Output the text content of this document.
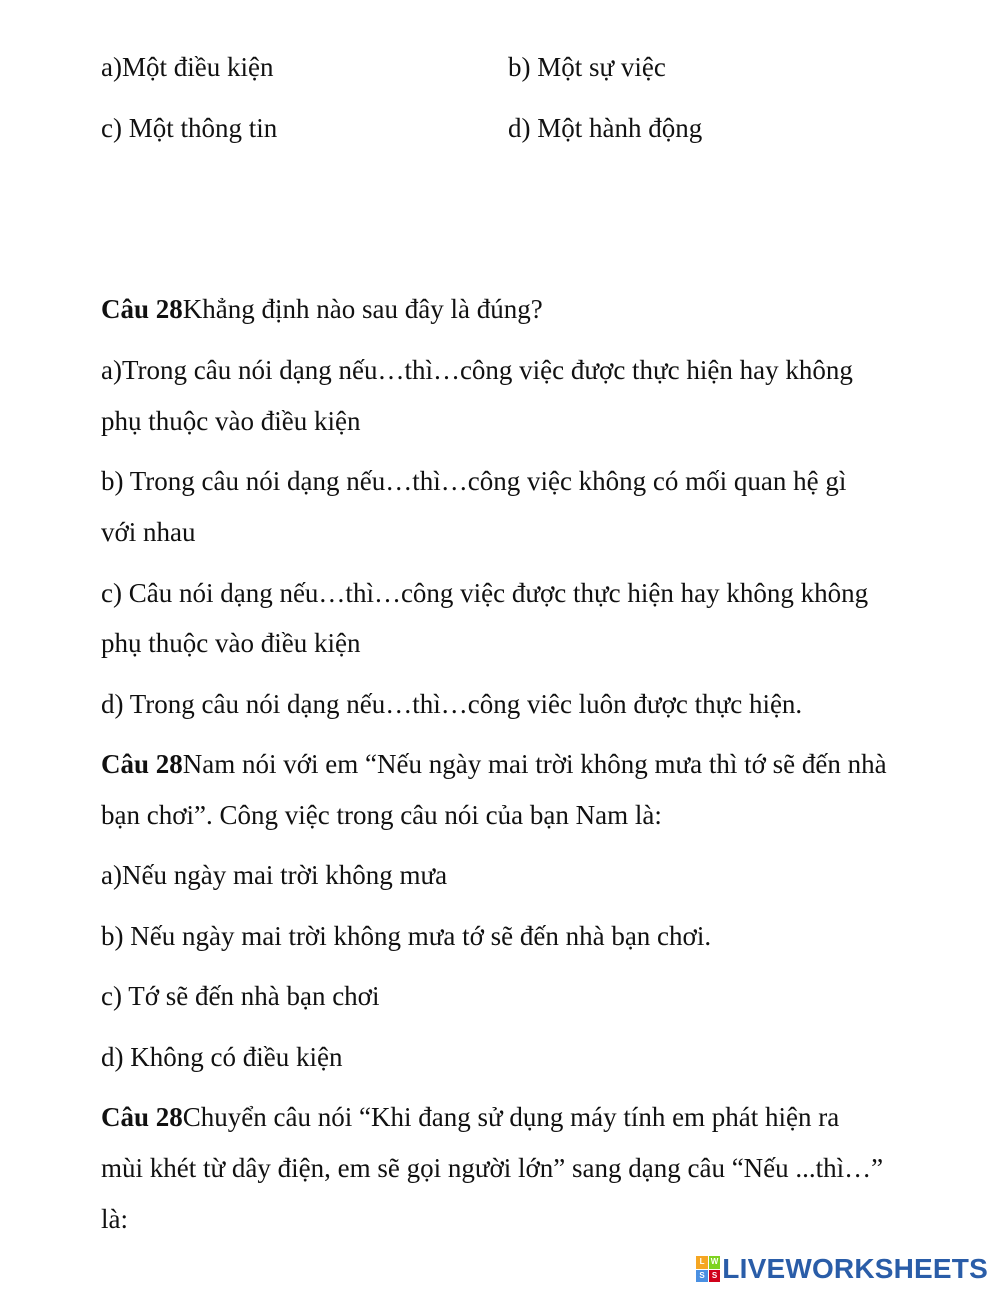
a)Một điều kiện	b) Một sự việc
c) Một thông tin	d) Một hành động
Câu 28Khẳng định nào sau đây là đúng?
a)Trong câu nói dạng nếu…thì…công việc được thực hiện hay không
phụ thuộc vào điều kiện
b) Trong câu nói dạng nếu…thì…công việc không có mối quan hệ gì
với nhau
c) Câu nói dạng nếu…thì…công việc được thực hiện hay không không
phụ thuộc vào điều kiện
d) Trong câu nói dạng nếu…thì…công viêc luôn được thực hiện.
Câu 28Nam nói với em “Nếu ngày mai trời không mưa thì tớ sẽ đến nhà
bạn chơi”. Công việc trong câu nói của bạn Nam là:
a)Nếu ngày mai trời không mưa
b) Nếu ngày mai trời không mưa tớ sẽ đến nhà bạn chơi.
c) Tớ sẽ đến nhà bạn chơi
d) Không có điều kiện
Câu 28Chuyển câu nói “Khi đang sử dụng máy tính em phát hiện ra
mùi khét từ dây điện, em sẽ gọi người lớn” sang dạng câu “Nếu ...thì…”
là:
L W
S S LIVEWORKSHEETS
